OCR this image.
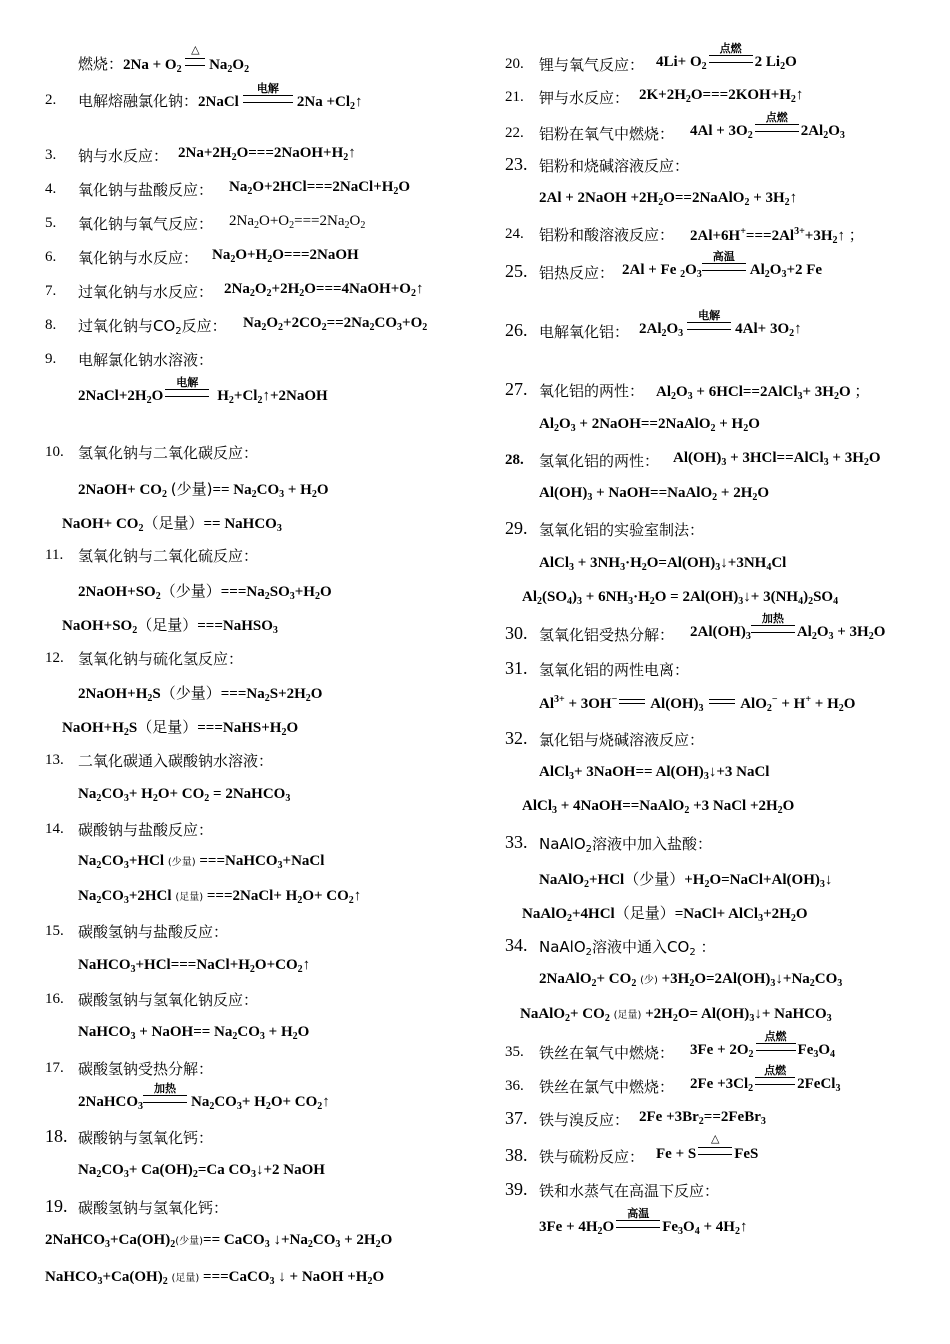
燃烧：$2Na + O_2$
△
$Na_2O_2$
2. 电解熔融氯化钠：2NaCl
电解
$2Na +Cl_2↑$
3. 钠与水反应： $2Na+2H_2O===2NaOH+H_2↑$
4. 氧化钠与盐酸反应： $Na_2O+2HCl===2NaCl+H_2O$
5. 氧化钠与氧气反应： $2Na_2O+O_2===2Na_2O_2$
6. 氧化钠与水反应： $Na_2O+H_2O===2NaOH$
7. 过氧化钠与水反应： $2Na_2O_2+2H_2O===4NaOH+O_2↑$
8. 过氧化钠与$CO_2$反应： $Na_2O_2+2CO_2==2Na_2CO_3+O_2$
9. 电解氯化钠水溶液：
$2NaCl+2H_2O$
电解
$H_2+Cl_2↑+2NaOH$
10. 氢氧化钠与二氧化碳反应：
2NaOH+ $CO_2$ (少量)== $Na_2CO_3 + H_2O$
NaOH+ $CO_2$（足量）== NaHCO$_3$
11. 氢氧化钠与二氧化硫反应：
$2NaOH+SO_2$（少量）$===Na_2SO_3+H_2O$
$NaOH+SO_2$（足量）===NaHSO$_3$
12. 氢氧化钠与硫化氢反应：
$2NaOH+H_2S$（少量）$===Na_2S+2H_2O$
$NaOH+H_2S$（足量）$===NaHS+H_2O$
13. 二氧化碳通入碳酸钠水溶液：
$Na_2CO_3+ H_2O+ CO_2$ = 2NaHCO$_3$
14. 碳酸钠与盐酸反应：
$Na_2CO_3+HCl$ (少量) ===NaHCO$_3$+NaCl
$Na_2CO_3+2HCl$ (足量) ===2NaCl+ $H_2O+$ $CO_2↑$
15. 碳酸氢钠与盐酸反应：
$NaHCO_3+HCl===NaCl+H_2O+CO_2↑$
16. 碳酸氢钠与氢氧化钠反应：
NaHCO$_3$ + NaOH== $Na_2CO_3 + H_2O$
17. 碳酸氢钠受热分解：
2NaHCO$_3$
加热
$Na_2CO_3+ H_2O+$ $CO_2↑$
18. 碳酸钠与氢氧化钙：
$Na_2CO_3+ Ca(OH)_2=Ca$ $CO_3↓+2$ NaOH
19. 碳酸氢钠与氢氧化钙：
$2NaHCO_3+Ca(OH)_2$(少量)== CaCO$_3$ $↓+Na_2CO_3 + 2H_2O$
$NaHCO_3+Ca(OH)_2$ (足量) ===CaCO$_3$ ↓ + NaOH $+H_2O$
20. 锂与氧气反应： $4Li+ O_2$
点燃
2 $Li_2O$
21. 钾与水反应： $2K+2H_2O===2KOH+H_2↑$
22. 铝粉在氧气中燃烧： $4Al + 3O_2$
点燃
$2Al_2O_3$
23. 铝粉和烧碱溶液反应：
2Al + 2NaOH $+2H_2O==2NaAlO_2$ + $3H_2↑$
24. 铝粉和酸溶液反应： $2Al+6H^+===2Al^{3+}+3H_2↑$ ；
25. 铝热反应： 2Al + Fe $_2O_3$
高温
$Al_2O_3+2$ Fe
26. 电解氧化铝： $2Al_2O_3$
电解
$4Al+ 3O_2↑$
27. 氧化铝的两性： $Al_2O_3$ + 6HCl==2AlCl$_3$+ $3H_2O$ ；
$Al_2O_3$ + 2NaOH==2NaAlO$_2$ + $H_2O$
28. 氢氧化铝的两性： $Al(OH)_3$ + 3HCl==AlCl$_3$ + $3H_2O$
$Al(OH)_3$ + NaOH==NaAlO$_2$ + $2H_2O$
29. 氢氧化铝的实验室制法：
AlCl$_3$ + $3NH_3\cdot H_2O=Al(OH)_3↓+3NH_4Cl$
$Al_2(SO_4)_3 + 6NH_3\cdot H_2O$ = $2Al(OH)_3↓+ 3(NH_4)_2SO_4$
30. 氢氧化铝受热分解： $2Al(OH)_3$
加热
$Al_2O_3 + 3H_2O$
31. 氢氧化铝的两性电离：
$Al^{3+} + 3OH^-$ $Al(OH)_3$  $AlO_2^- + H^+ + H_2O$
32. 氯化铝与烧碱溶液反应：
AlCl$_3$+ 3NaOH== $Al(OH)_3↓+3$ NaCl
AlCl$_3$ + 4NaOH==NaAlO$_2$ +3 NaCl $+2H_2O$
33. NaAlO$_2$溶液中加入盐酸：
NaAlO$_2$+HCl（少量）$+H_2O=NaCl+Al(OH)_3↓$
NaAlO$_2$+4HCl（足量）=NaCl+ $AlCl_3+2H_2O$
34. NaAlO$_2$溶液中通入$CO_2$ ：
2NaAlO$_2$+ $CO_2$ (少) $+3H_2O=2Al(OH)_3↓+Na_2CO_3$
NaAlO$_2$+ $CO_2$ (足量) $+2H_2O=$ $Al(OH)_3↓+$ NaHCO$_3$
35. 铁丝在氧气中燃烧： $3Fe + 2O_2$
点燃
$Fe_3O_4$
36. 铁丝在氯气中燃烧： $2Fe +3Cl_2$
点燃
2FeCl$_3$
37. 铁与溴反应： $2Fe +3Br_2==2FeBr_3$
38. 铁与硫粉反应： Fe + S
△
FeS
39. 铁和水蒸气在高温下反应：
$3Fe + 4H_2O$
高温
$Fe_3O_4$ + $4H_2↑$
